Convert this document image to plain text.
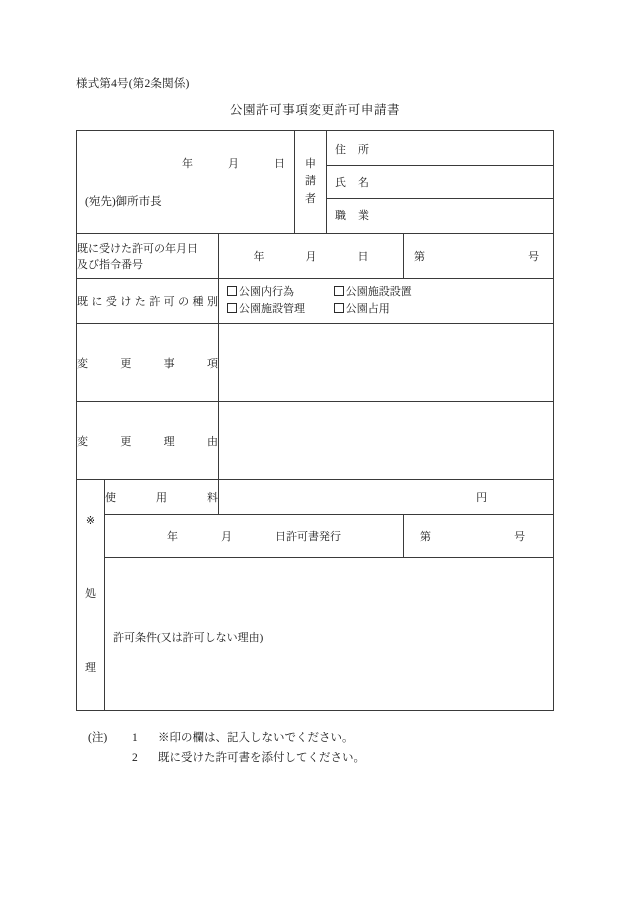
様式第4号(第2条関係)
公園許可事項変更許可申請書
年	月	日
(宛先)御所市長

申
請
者

住　所
氏　名
職　業

既に受けた許可の年月日
及び指令番号

年	月	日	第	号

既に受けた許可の種別

公園内行為	公園施設設置
公園施設管理	公園占用

変更事項

変更理由

※
処
理

使用料	円

年	月	日許可書発行	第	号

許可条件(又は許可しない理由)
(注) 1 ※印の欄は、記入しないでください。
2 既に受けた許可書を添付してください。
